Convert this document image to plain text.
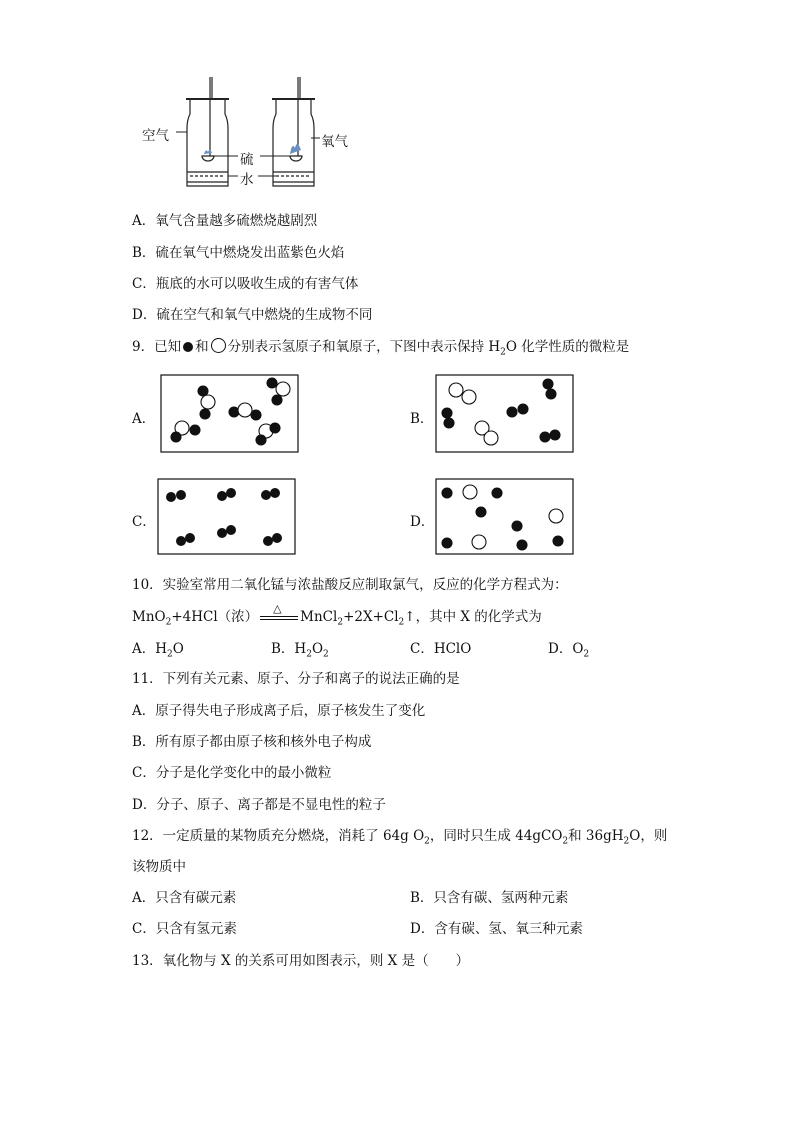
空气	氧气
硫
水
A．氧气含量越多硫燃烧越剧烈
B．硫在氧气中燃烧发出蓝紫色火焰
C．瓶底的水可以吸收生成的有害气体
D．硫在空气和氧气中燃烧的生成物不同
9．已知 和 分别表示氢原子和氧原子，下图中表示保持 $H_2O$ 化学性质的微粒是
A．	B．
C．	D．
10．实验室常用二氧化锰与浓盐酸反应制取氯气，反应的化学方程式为：
MnO$_2$+4HCl（浓）
△
$MnCl_2+2X+Cl_2↑$，其中 X 的化学式为
A．$H_2O$	B．$H_2O_2$	C．HClO	D．$O_2$
11．下列有关元素、原子、分子和离子的说法正确的是
A．原子得失电子形成离子后，原子核发生了变化
B．所有原子都由原子核和核外电子构成
C．分子是化学变化中的最小微粒
D．分子、原子、离子都是不显电性的粒子
12．一定质量的某物质充分燃烧，消耗了 64g $O_2$，同时只生成 44gCO$_2$和 $36gH_2O$，则
该物质中
A．只含有碳元素	B．只含有碳、氢两种元素
C．只含有氢元素	D．含有碳、氢、氧三种元素
13．氧化物与 X 的关系可用如图表示，则 X 是（　　）
